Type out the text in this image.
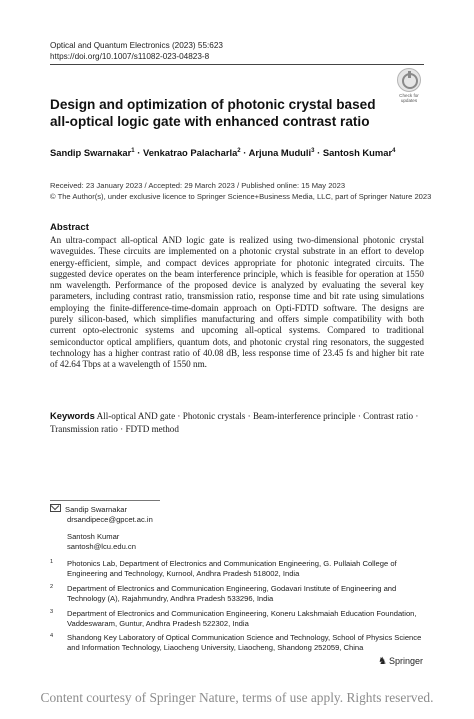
Optical and Quantum Electronics (2023) 55:623
https://doi.org/10.1007/s11082-023-04823-8
Check for
updates
Design and optimization of photonic crystal based all-optical logic gate with enhanced contrast ratio
Sandip Swarnakar$^1$ · Venkatrao Palacharla$^2$ · Arjuna Muduli$^3$ · Santosh Kumar$^4$
Received: 23 January 2023 / Accepted: 29 March 2023 / Published online: 15 May 2023
© The Author(s), under exclusive licence to Springer Science+Business Media, LLC, part of Springer Nature 2023
Abstract
An ultra-compact all-optical AND logic gate is realized using two-dimensional photonic crystal waveguides. These circuits are implemented on a photonic crystal substrate in an effort to develop energy-efficient, simple, and compact devices appropriate for photonic integrated circuits. The suggested device operates on the beam interference principle, which is feasible for operation at 1550 nm wavelength. Performance of the proposed device is analyzed by evaluating the several key parameters, including contrast ratio, transmission ratio, response time and bit rate using simulations employing the finite-difference-time-domain approach on Opti-FDTD software. The designs are purely silicon-based, which simplifies manufacturing and offers simple compatibility with both current opto-electronic systems and upcoming all-optical systems. Compared to traditional semiconductor optical amplifiers, quantum dots, and photonic crystal ring resonators, the suggested technology has a higher contrast ratio of 40.08 dB, less response time of 23.45 fs and higher bit rate of 42.64 Tbps at a wavelength of 1550 nm.
Keywords All-optical AND gate · Photonic crystals · Beam-interference principle · Contrast ratio · Transmission ratio · FDTD method
Sandip Swarnakar
drsandipece@gpcet.ac.in
Santosh Kumar
santosh@lcu.edu.cn
1 Photonics Lab, Department of Electronics and Communication Engineering, G. Pullaiah College of Engineering and Technology, Kurnool, Andhra Pradesh 518002, India
2 Department of Electronics and Communication Engineering, Godavari Institute of Engineering and Technology (A), Rajahmundry, Andhra Pradesh 533296, India
3 Department of Electronics and Communication Engineering, Koneru Lakshmaiah Education Foundation, Vaddeswaram, Guntur, Andhra Pradesh 522302, India
4 Shandong Key Laboratory of Optical Communication Science and Technology, School of Physics Science and Information Technology, Liaocheng University, Liaocheng, Shandong 252059, China
♞ Springer
Content courtesy of Springer Nature, terms of use apply. Rights reserved.
